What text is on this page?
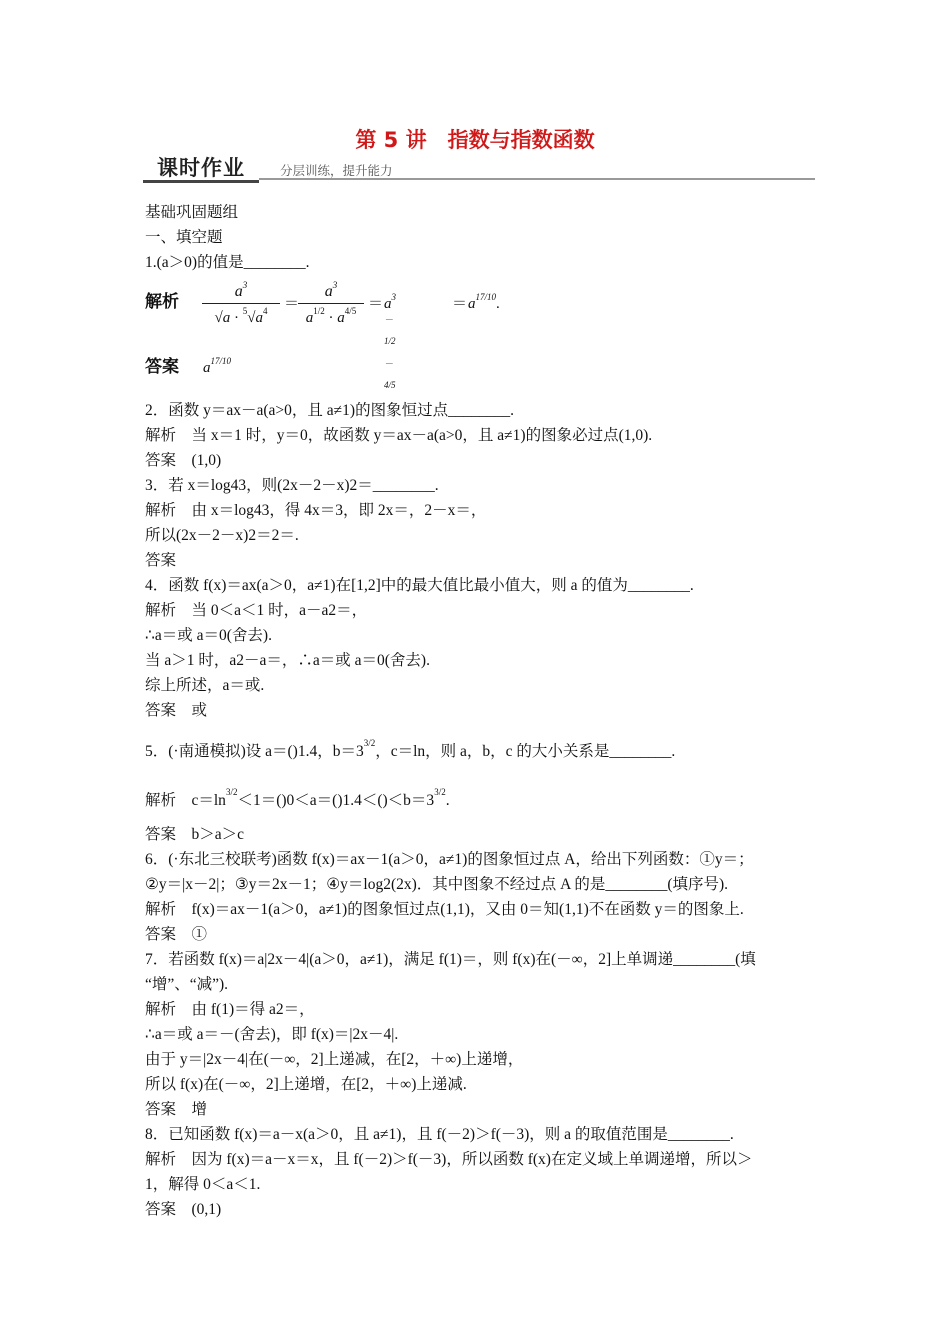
第 5 讲　指数与指数函数
课时作业	分层训练，提升能力
基础巩固题组
一、填空题
1.(a＞0)的值是________.
解析
$a^3$
$√a \cdot ^5√a^4$	＝
$a^3$
$a^{1/2} \cdot a^{4/5} = a^{3-1/2-4/5}$
＝ $a^{17/10}$.
答案 $a^{17/10}$
2．函数 y＝ax－a(a>0，且 a≠1)的图象恒过点________.
解析　当 x＝1 时，y＝0，故函数 y＝ax－a(a>0，且 a≠1)的图象必过点(1,0).
答案　(1,0)
3．若 x＝log43，则(2x－2－x)2＝________.
解析　由 x＝log43，得 4x＝3，即 2x＝，2－x＝，
所以(2x－2－x)2＝2＝.
答案
4．函数 f(x)＝ax(a＞0，a≠1)在[1,2]中的最大值比最小值大，则 a 的值为________.
解析　当 0＜a＜1 时，a－a2＝，
∴a＝或 a＝0(舍去).
当 a＞1 时，a2－a＝，∴a＝或 a＝0(舍去).
综上所述，a＝或.
答案　或
5．(·南通模拟)设 a＝()1.4，$b=3^{3/2}$，c＝ln，则 a，b，c 的大小关系是________.
解析　$c=\ln^{3/2}<1=()0<a=()1.4<()<b=3^{3/2}$.
答案　b＞a＞c
6．(·东北三校联考)函数 f(x)＝ax－1(a＞0，a≠1)的图象恒过点 A，给出下列函数：①y＝；
②y＝|x－2|；③y＝2x－1；④y＝log2(2x)．其中图象不经过点 A 的是________(填序号).
解析　f(x)＝ax－1(a＞0，a≠1)的图象恒过点(1,1)，又由 0＝知(1,1)不在函数 y＝的图象上.
答案　①
7．若函数 f(x)＝a|2x－4|(a＞0，a≠1)，满足 f(1)＝，则 f(x)在(－∞，2]上单调递________(填
“增”、“减”).
解析　由 f(1)＝得 a2＝，
∴a＝或 a＝－(舍去)，即 f(x)＝|2x－4|.
由于 y＝|2x－4|在(－∞，2]上递减，在[2，＋∞)上递增，
所以 f(x)在(－∞，2]上递增，在[2，＋∞)上递减.
答案　增
8．已知函数 f(x)＝a－x(a＞0，且 a≠1)，且 f(－2)＞f(－3)，则 a 的取值范围是________.
解析　因为 f(x)＝a－x＝x，且 f(－2)＞f(－3)，所以函数 f(x)在定义域上单调递增，所以＞
1，解得 0＜a＜1.
答案　(0,1)
